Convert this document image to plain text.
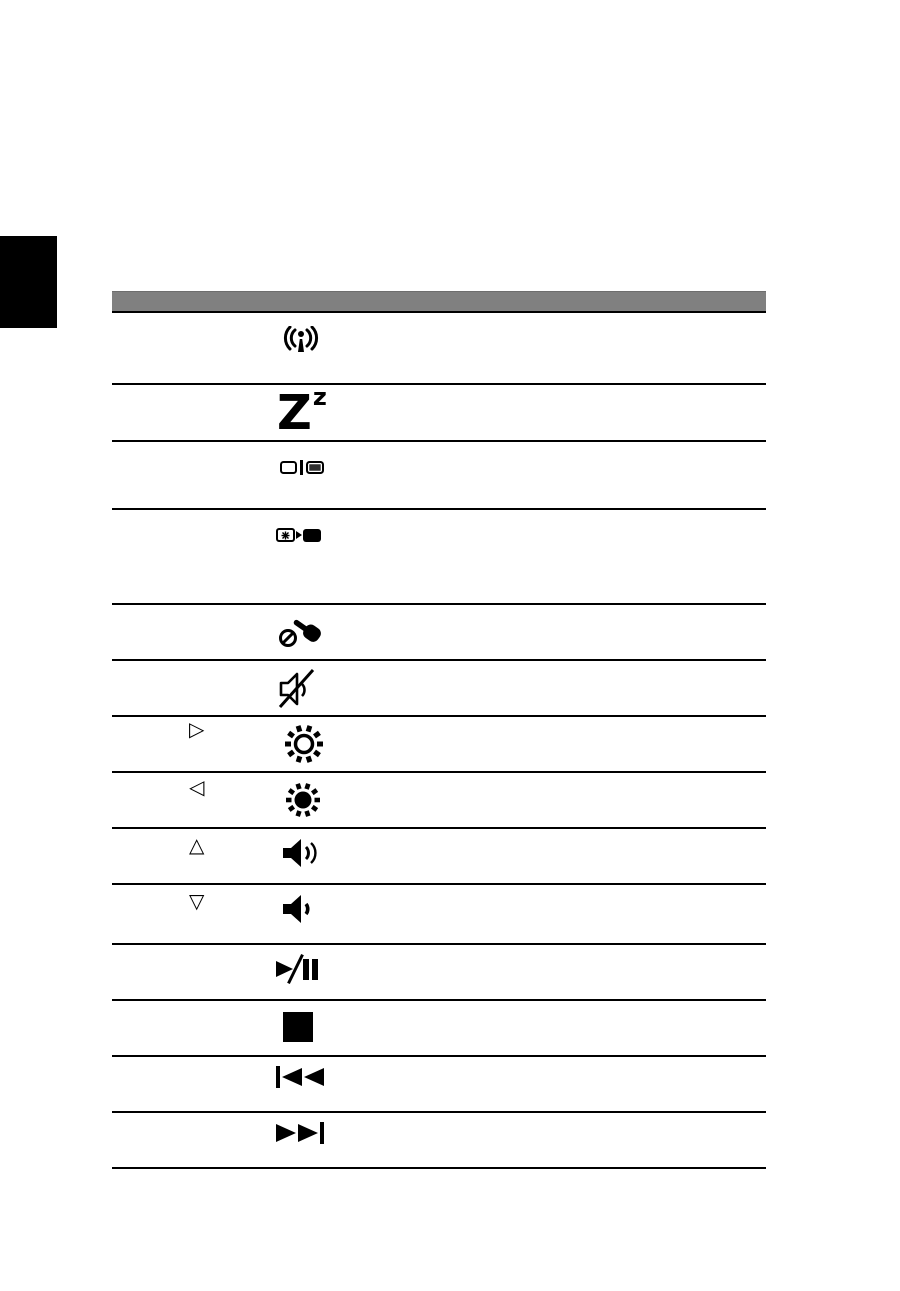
Z z
▷
◁
△
▽
